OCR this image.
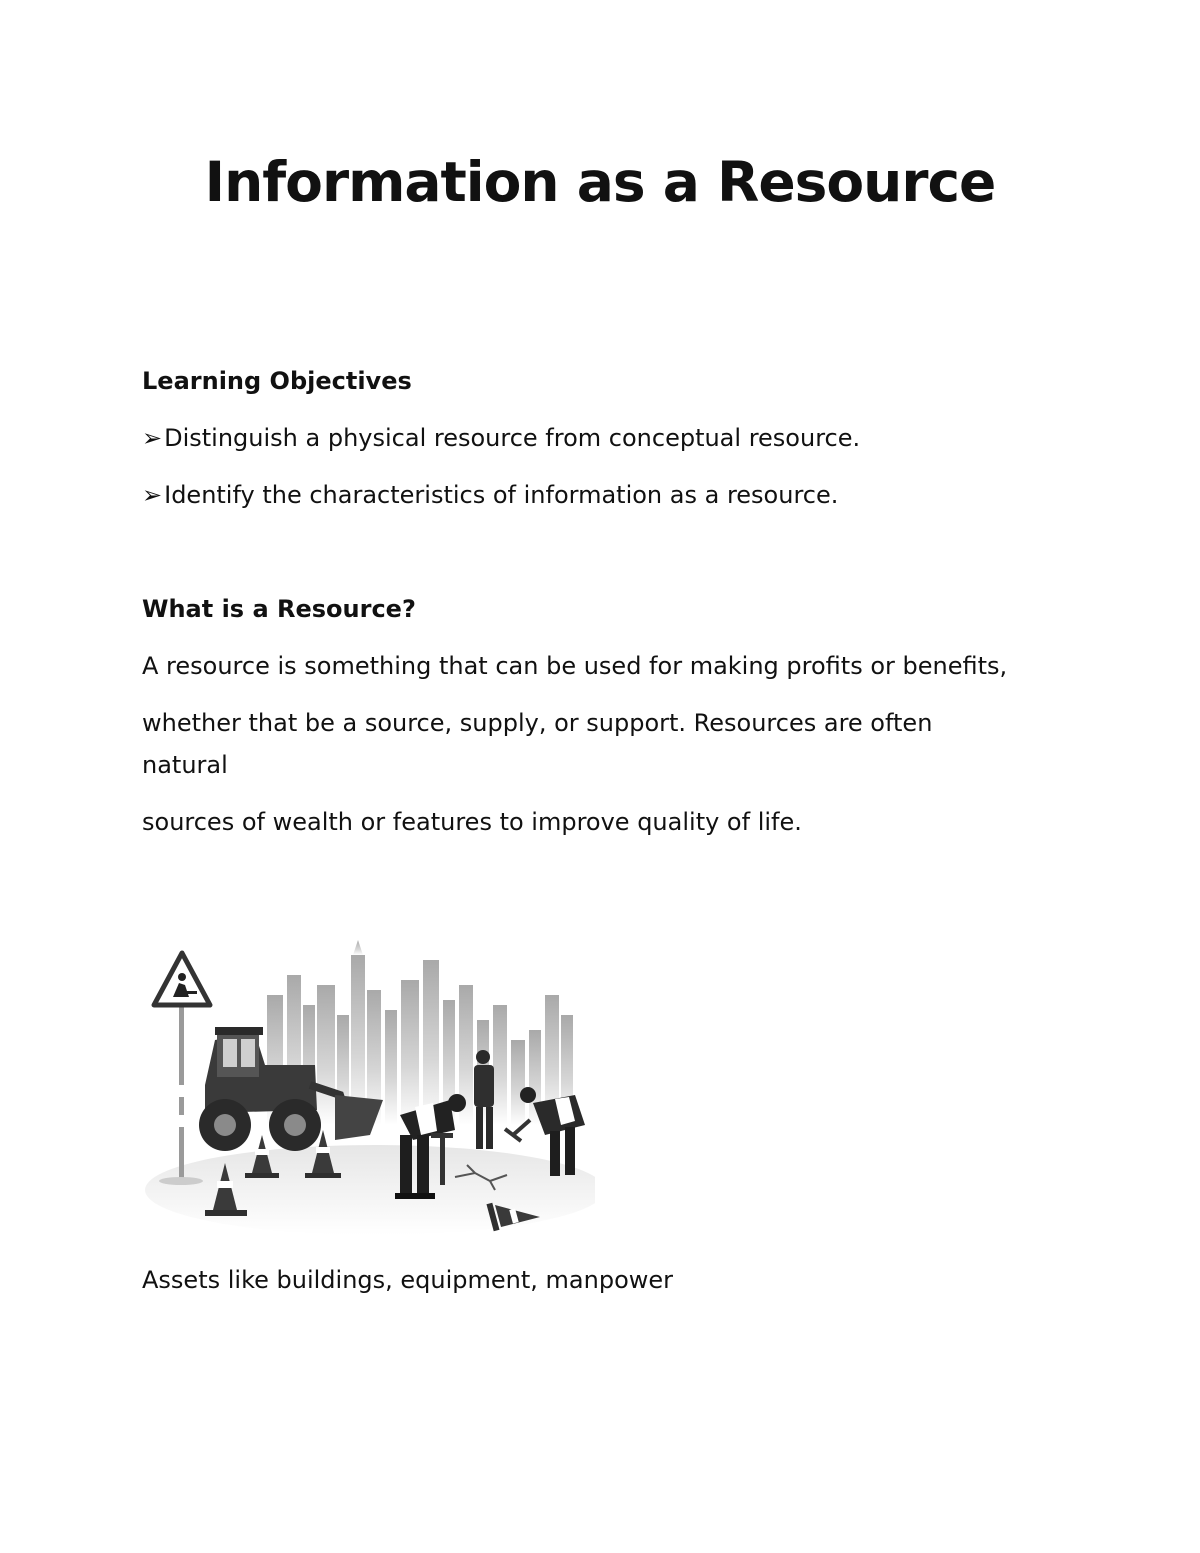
Information as a Resource

Learning Objectives

➢Distinguish a physical resource from conceptual resource.

➢Identify the characteristics of information as a resource.

What is a Resource?

A resource is something that can be used for making profits or benefits,

whether that be a source, supply, or support. Resources are often

natural

sources of wealth or features to improve quality of life.

Assets like buildings, equipment, manpower
